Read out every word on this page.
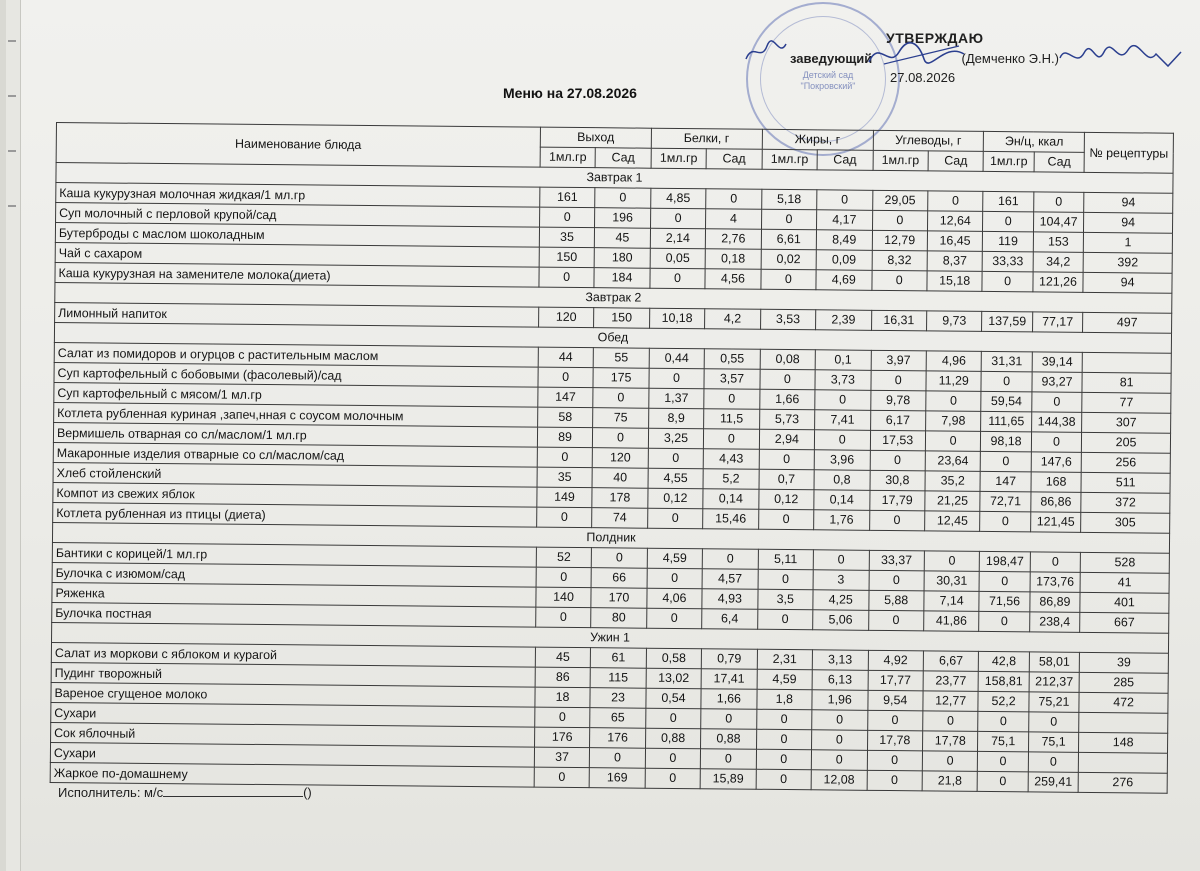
Детский сад
"Покровский"
УТВЕРЖДАЮ
заведующий	(Демченко Э.Н.)
27.08.2026
Меню на 27.08.2026
Наименование блюда	Выход		Белки, г		Жиры, г		Углеводы, г		Эн/ц, ккал		№ рецептуры
	1мл.гр	Сад	1мл.гр	Сад	1мл.гр	Сад	1мл.гр	Сад	1мл.гр	Сад	
Завтрак 1											
Каша кукурузная молочная жидкая/1 мл.гр	161	0	4,85	0	5,18	0	29,05	0	161	0	94
Суп молочный с перловой крупой/сад	0	196	0	4	0	4,17	0	12,64	0	104,47	94
Бутерброды с маслом шоколадным	35	45	2,14	2,76	6,61	8,49	12,79	16,45	119	153	1
Чай с сахаром	150	180	0,05	0,18	0,02	0,09	8,32	8,37	33,33	34,2	392
Каша кукурузная на заменителе молока(диета)	0	184	0	4,56	0	4,69	0	15,18	0	121,26	94
Завтрак 2											
Лимонный напиток	120	150	10,18	4,2	3,53	2,39	16,31	9,73	137,59	77,17	497
Обед											
Салат из помидоров и огурцов с растительным маслом	44	55	0,44	0,55	0,08	0,1	3,97	4,96	31,31	39,14	
Суп картофельный с бобовыми (фасолевый)/сад	0	175	0	3,57	0	3,73	0	11,29	0	93,27	81
Суп картофельный с мясом/1 мл.гр	147	0	1,37	0	1,66	0	9,78	0	59,54	0	77
Котлета рубленная куриная ,запеч,нная с соусом молочным	58	75	8,9	11,5	5,73	7,41	6,17	7,98	111,65	144,38	307
Вермишель отварная со сл/маслом/1 мл.гр	89	0	3,25	0	2,94	0	17,53	0	98,18	0	205
Макаронные изделия отварные со сл/маслом/сад	0	120	0	4,43	0	3,96	0	23,64	0	147,6	256
Хлеб стойленский	35	40	4,55	5,2	0,7	0,8	30,8	35,2	147	168	511
Компот из свежих яблок	149	178	0,12	0,14	0,12	0,14	17,79	21,25	72,71	86,86	372
Котлета рубленная из птицы (диета)	0	74	0	15,46	0	1,76	0	12,45	0	121,45	305
Полдник											
Бантики с корицей/1 мл.гр	52	0	4,59	0	5,11	0	33,37	0	198,47	0	528
Булочка с изюмом/сад	0	66	0	4,57	0	3	0	30,31	0	173,76	41
Ряженка	140	170	4,06	4,93	3,5	4,25	5,88	7,14	71,56	86,89	401
Булочка постная	0	80	0	6,4	0	5,06	0	41,86	0	238,4	667
Ужин 1											
Салат из моркови с яблоком и курагой	45	61	0,58	0,79	2,31	3,13	4,92	6,67	42,8	58,01	39
Пудинг творожный	86	115	13,02	17,41	4,59	6,13	17,77	23,77	158,81	212,37	285
Вареное сгущеное молоко	18	23	0,54	1,66	1,8	1,96	9,54	12,77	52,2	75,21	472
Сухари	0	65	0	0	0	0	0	0	0	0	
Сок яблочный	176	176	0,88	0,88	0	0	17,78	17,78	75,1	75,1	148
Сухари	37	0	0	0	0	0	0	0	0	0	
Жаркое по-домашнему	0	169	0	15,89	0	12,08	0	21,8	0	259,41	276
Исполнитель: м/с	()
